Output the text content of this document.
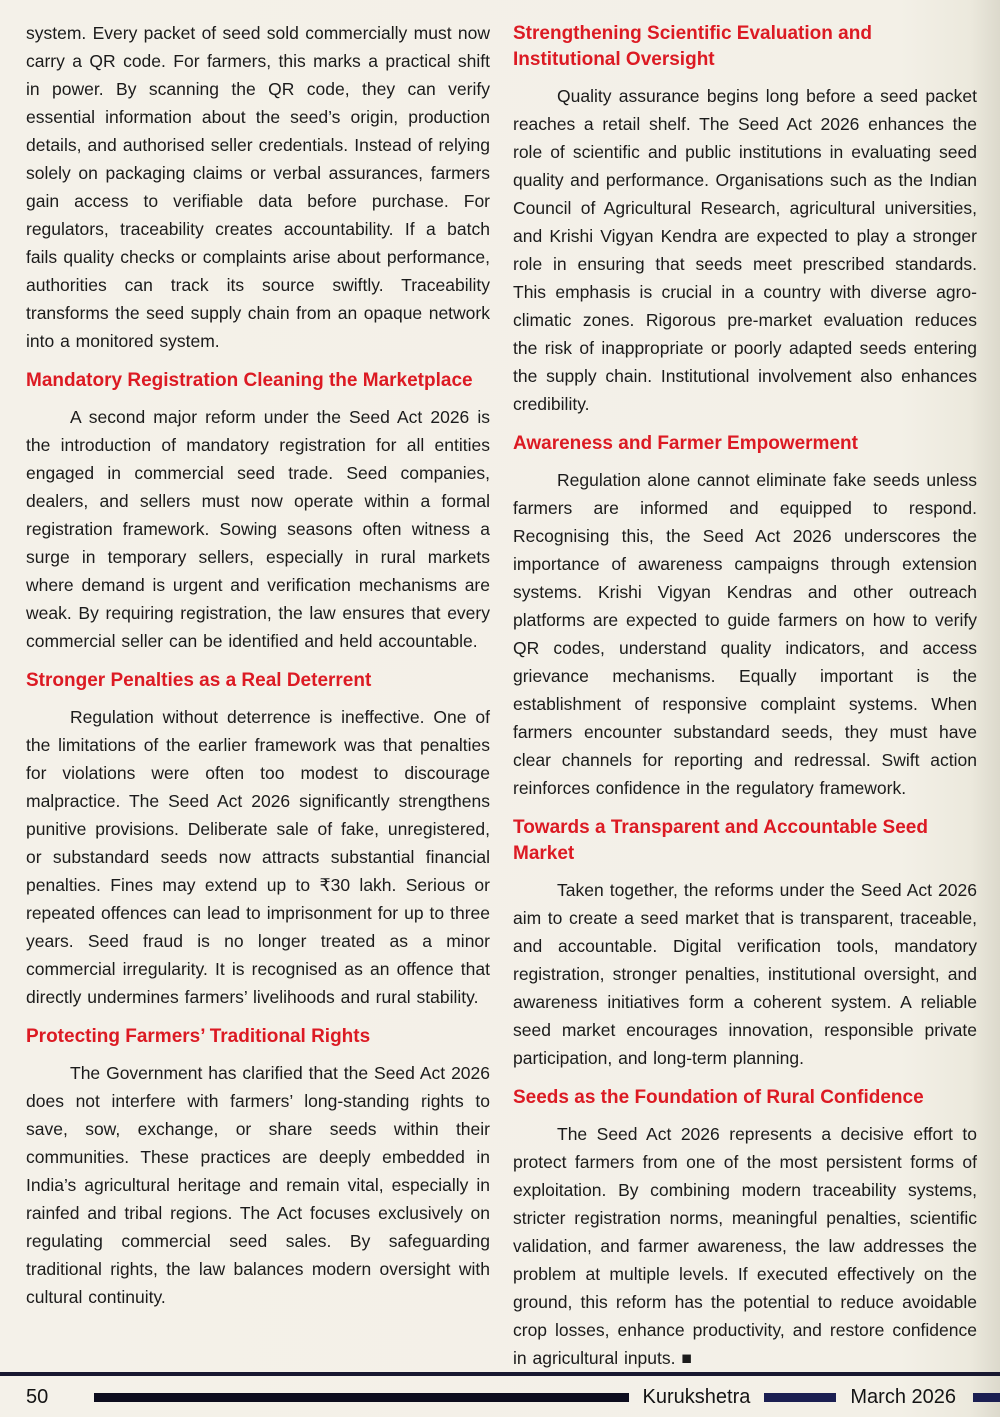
system. Every packet of seed sold commercially must now carry a QR code. For farmers, this marks a practical shift in power. By scanning the QR code, they can verify essential information about the seed’s origin, production details, and authorised seller credentials. Instead of relying solely on packaging claims or verbal assurances, farmers gain access to verifiable data before purchase. For regulators, traceability creates accountability. If a batch fails quality checks or complaints arise about performance, authorities can track its source swiftly. Traceability transforms the seed supply chain from an opaque network into a monitored system.

Mandatory Registration Cleaning the Marketplace

A second major reform under the Seed Act 2026 is the introduction of mandatory registration for all entities engaged in commercial seed trade. Seed companies, dealers, and sellers must now operate within a formal registration framework. Sowing seasons often witness a surge in temporary sellers, especially in rural markets where demand is urgent and verification mechanisms are weak. By requiring registration, the law ensures that every commercial seller can be identified and held accountable.

Stronger Penalties as a Real Deterrent

Regulation without deterrence is ineffective. One of the limitations of the earlier framework was that penalties for violations were often too modest to discourage malpractice. The Seed Act 2026 significantly strengthens punitive provisions. Deliberate sale of fake, unregistered, or substandard seeds now attracts substantial financial penalties. Fines may extend up to ₹30 lakh. Serious or repeated offences can lead to imprisonment for up to three years. Seed fraud is no longer treated as a minor commercial irregularity. It is recognised as an offence that directly undermines farmers’ livelihoods and rural stability.

Protecting Farmers’ Traditional Rights

The Government has clarified that the Seed Act 2026 does not interfere with farmers’ long-standing rights to save, sow, exchange, or share seeds within their communities. These practices are deeply embedded in India’s agricultural heritage and remain vital, especially in rainfed and tribal regions. The Act focuses exclusively on regulating commercial seed sales. By safeguarding traditional rights, the law balances modern oversight with cultural continuity.

Strengthening Scientific Evaluation and Institutional Oversight

Quality assurance begins long before a seed packet reaches a retail shelf. The Seed Act 2026 enhances the role of scientific and public institutions in evaluating seed quality and performance. Organisations such as the Indian Council of Agricultural Research, agricultural universities, and Krishi Vigyan Kendra are expected to play a stronger role in ensuring that seeds meet prescribed standards. This emphasis is crucial in a country with diverse agro-climatic zones. Rigorous pre-market evaluation reduces the risk of inappropriate or poorly adapted seeds entering the supply chain. Institutional involvement also enhances credibility.

Awareness and Farmer Empowerment

Regulation alone cannot eliminate fake seeds unless farmers are informed and equipped to respond. Recognising this, the Seed Act 2026 underscores the importance of awareness campaigns through extension systems. Krishi Vigyan Kendras and other outreach platforms are expected to guide farmers on how to verify QR codes, understand quality indicators, and access grievance mechanisms. Equally important is the establishment of responsive complaint systems. When farmers encounter substandard seeds, they must have clear channels for reporting and redressal. Swift action reinforces confidence in the regulatory framework.

Towards a Transparent and Accountable Seed Market

Taken together, the reforms under the Seed Act 2026 aim to create a seed market that is transparent, traceable, and accountable. Digital verification tools, mandatory registration, stronger penalties, institutional oversight, and awareness initiatives form a coherent system. A reliable seed market encourages innovation, responsible private participation, and long-term planning.

Seeds as the Foundation of Rural Confidence

The Seed Act 2026 represents a decisive effort to protect farmers from one of the most persistent forms of exploitation. By combining modern traceability systems, stricter registration norms, meaningful penalties, scientific validation, and farmer awareness, the law addresses the problem at multiple levels. If executed effectively on the ground, this reform has the potential to reduce avoidable crop losses, enhance productivity, and restore confidence in agricultural inputs. ■

50	Kurukshetra	March 2026
